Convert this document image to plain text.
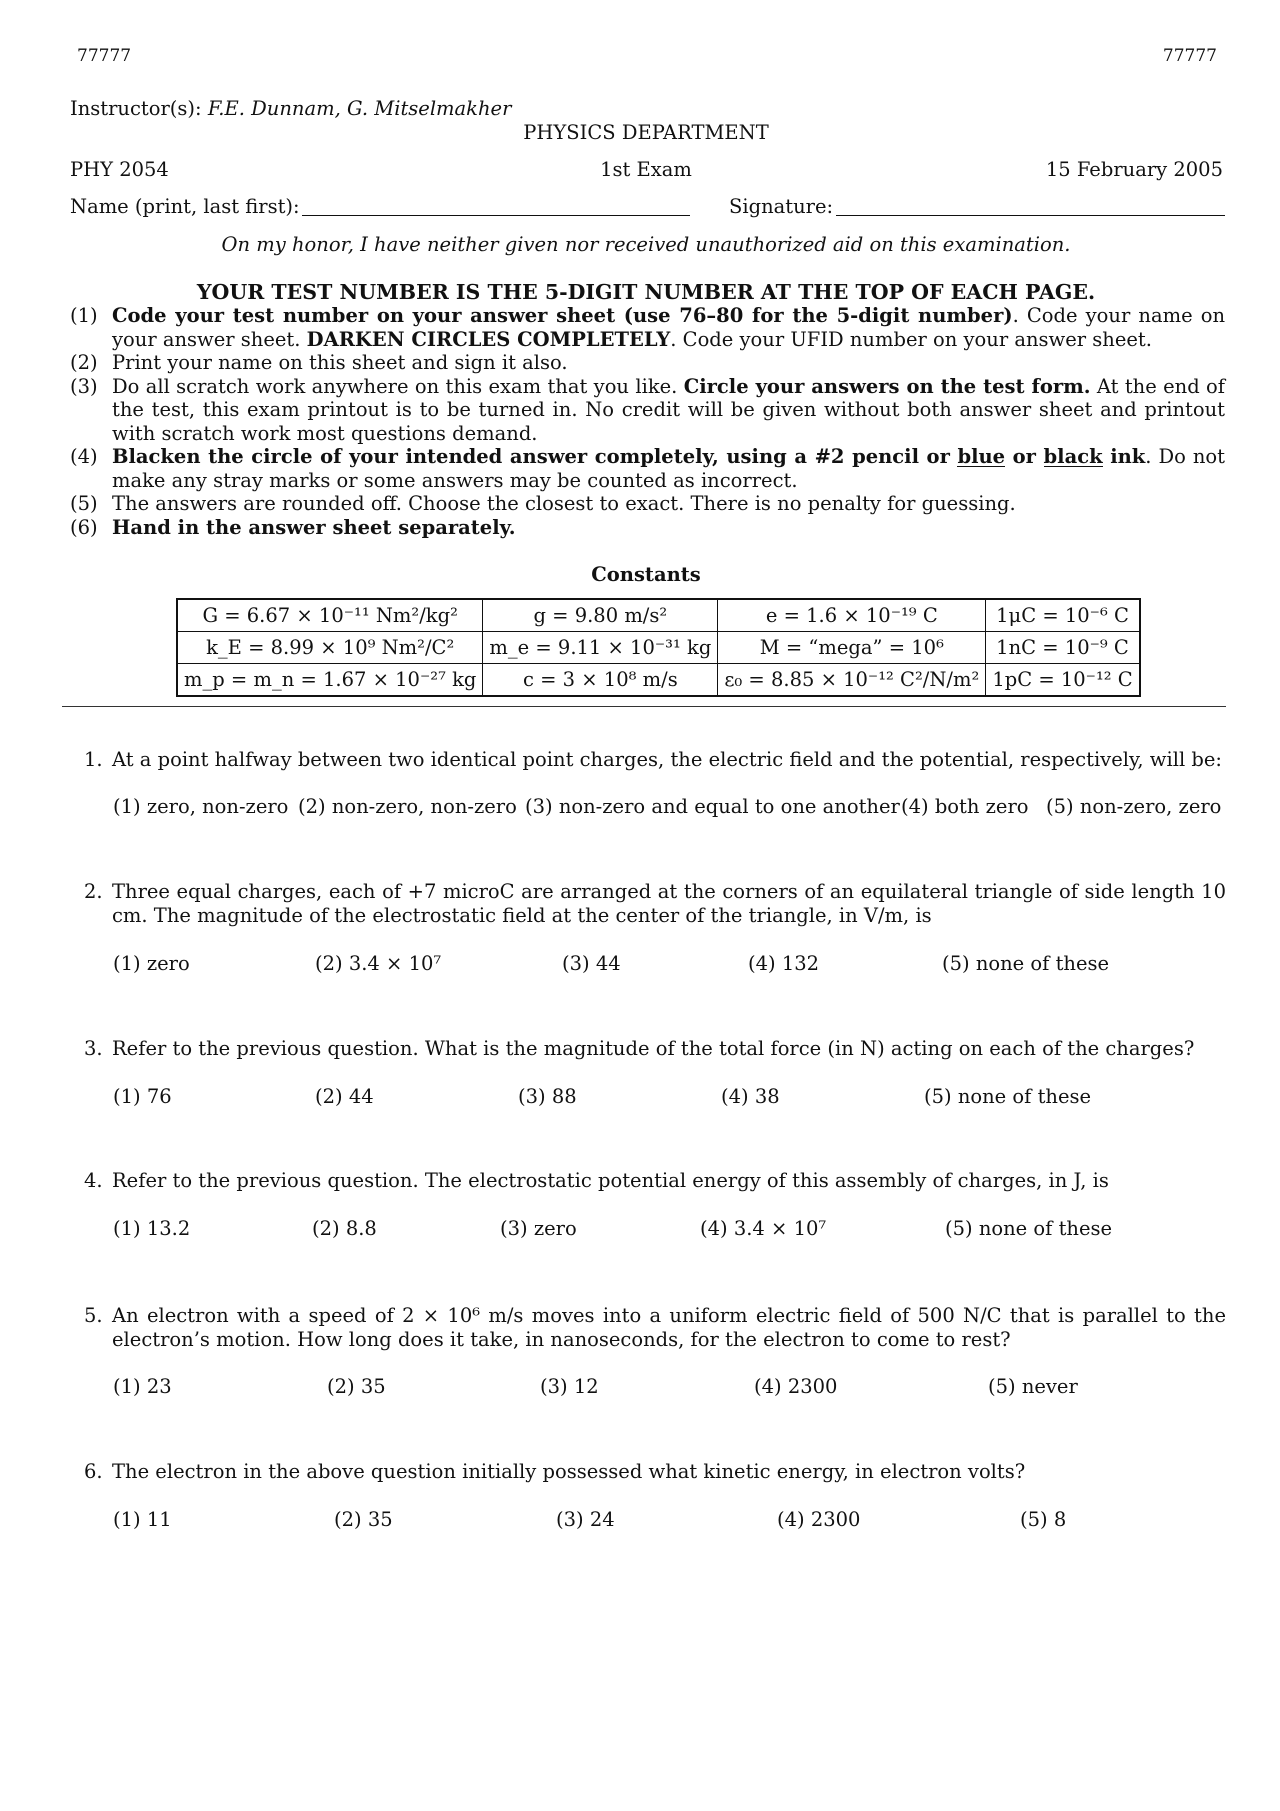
77777	77777
Instructor(s): F.E. Dunnam, G. Mitselmakher
PHYSICS DEPARTMENT
PHY 2054	1st Exam	15 February 2005
Name (print, last first):	Signature:
On my honor, I have neither given nor received unauthorized aid on this examination.
YOUR TEST NUMBER IS THE 5-DIGIT NUMBER AT THE TOP OF EACH PAGE.
(1) Code your test number on your answer sheet (use 76–80 for the 5-digit number). Code your name on your answer sheet. DARKEN CIRCLES COMPLETELY. Code your UFID number on your answer sheet.
(2) Print your name on this sheet and sign it also.
(3) Do all scratch work anywhere on this exam that you like. Circle your answers on the test form. At the end of the test, this exam printout is to be turned in. No credit will be given without both answer sheet and printout with scratch work most questions demand.
(4) Blacken the circle of your intended answer completely, using a #2 pencil or blue or black ink. Do not make any stray marks or some answers may be counted as incorrect.
(5) The answers are rounded off. Choose the closest to exact. There is no penalty for guessing.
(6) Hand in the answer sheet separately.
Constants
G = 6.67 × 10⁻¹¹ Nm²/kg²	g = 9.80 m/s²	e = 1.6 × 10⁻¹⁹ C	1μC = 10⁻⁶ C
k_E = 8.99 × 10⁹ Nm²/C²	m_e = 9.11 × 10⁻³¹ kg	M = “mega” = 10⁶	1nC = 10⁻⁹ C
m_p = m_n = 1.67 × 10⁻²⁷ kg	c = 3 × 10⁸ m/s	ε₀ = 8.85 × 10⁻¹² C²/N/m²	1pC = 10⁻¹² C
1. At a point halfway between two identical point charges, the electric field and the potential, respectively, will be:
(1) zero, non-zero (2) non-zero, non-zero (3) non-zero and equal to one another (4) both zero (5) non-zero, zero
2. Three equal charges, each of +7 microC are arranged at the corners of an equilateral triangle of side length 10 cm. The magnitude of the electrostatic field at the center of the triangle, in V/m, is
(1) zero	(2) 3.4 × 10⁷	(3) 44	(4) 132	(5) none of these
3. Refer to the previous question. What is the magnitude of the total force (in N) acting on each of the charges?
(1) 76	(2) 44	(3) 88	(4) 38	(5) none of these
4. Refer to the previous question. The electrostatic potential energy of this assembly of charges, in J, is
(1) 13.2	(2) 8.8	(3) zero	(4) 3.4 × 10⁷	(5) none of these
5. An electron with a speed of 2 × 10⁶ m/s moves into a uniform electric field of 500 N/C that is parallel to the electron’s motion. How long does it take, in nanoseconds, for the electron to come to rest?
(1) 23	(2) 35	(3) 12	(4) 2300	(5) never
6. The electron in the above question initially possessed what kinetic energy, in electron volts?
(1) 11	(2) 35	(3) 24	(4) 2300	(5) 8
